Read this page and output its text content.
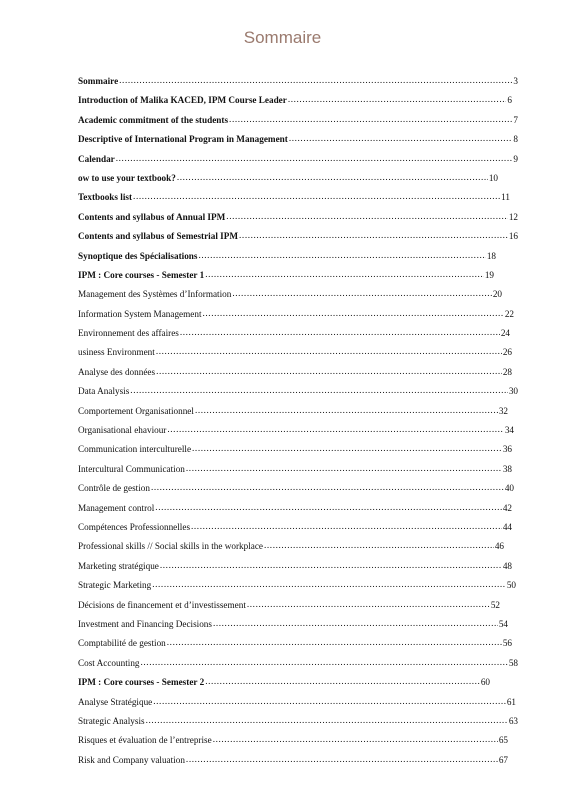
Sommaire
Sommaire .....	3
Introduction of Malika KACED, IPM Course Leader .....	6
Academic commitment of the students .....	7
Descriptive of International Program in Management .....	8
Calendar .....	9
ow to use your textbook? .....	10
Textbooks list .....	11
Contents and syllabus of Annual IPM .....	12
Contents and syllabus of Semestrial IPM .....	16
Synoptique des Spécialisations .....	18
IPM : Core courses - Semester 1 .....	19
Management des Systèmes d’Information .....	20
Information System Management .....	22
Environnement des affaires .....	24
usiness Environment .....	26
Analyse des données .....	28
Data Analysis .....	30
Comportement Organisationnel .....	32
Organisational ehaviour .....	34
Communication interculturelle .....	36
Intercultural Communication .....	38
Contrôle de gestion .....	40
Management control .....	42
Compétences Professionnelles .....	44
Professional skills // Social skills in the workplace .....	46
Marketing stratégique .....	48
Strategic Marketing .....	50
Décisions de financement et d’investissement .....	52
Investment and Financing Decisions .....	54
Comptabilité de gestion .....	56
Cost Accounting .....	58
IPM : Core courses - Semester 2 .....	60
Analyse Stratégique .....	61
Strategic Analysis .....	63
Risques et évaluation de l’entreprise .....	65
Risk and Company valuation .....	67
